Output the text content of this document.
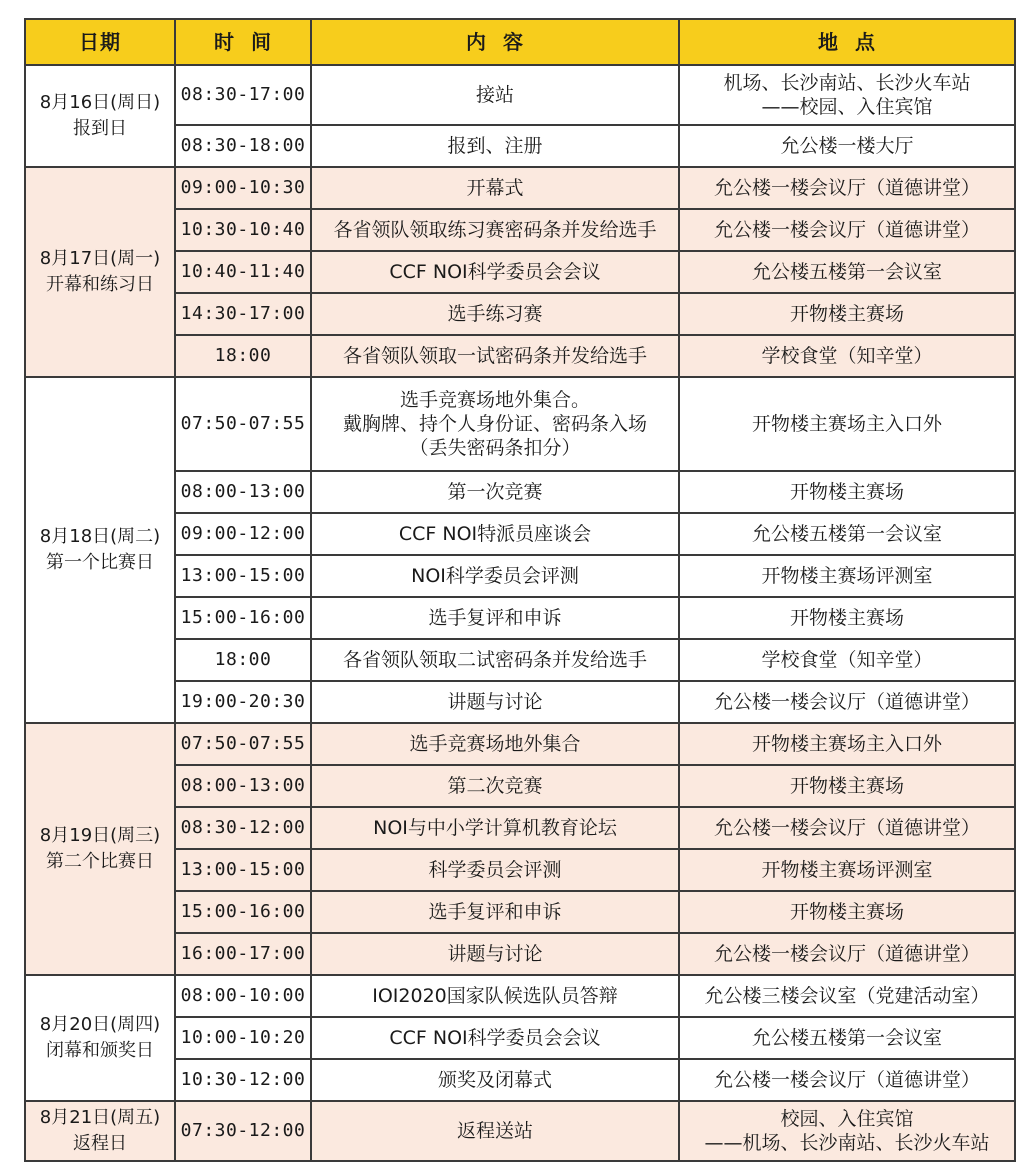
日期	时  间	内  容	地  点

8月16日(周日)
报到日	08:30-17:00	接站	机场、长沙南站、长沙火车站
——校园、入住宾馆

	08:30-18:00	报到、注册	允公楼一楼大厅

8月17日(周一)
开幕和练习日	09:00-10:30	开幕式	允公楼一楼会议厅（道德讲堂）
	10:30-10:40	各省领队领取练习赛密码条并发给选手	允公楼一楼会议厅（道德讲堂）
	10:40-11:40	CCF NOI科学委员会会议	允公楼五楼第一会议室
	14:30-17:00	选手练习赛	开物楼主赛场
	18:00	各省领队领取一试密码条并发给选手	学校食堂（知辛堂）

8月18日(周二)
第一个比赛日	07:50-07:55	选手竞赛场地外集合。
戴胸牌、持个人身份证、密码条入场
（丢失密码条扣分）	开物楼主赛场主入口外
	08:00-13:00	第一次竞赛	开物楼主赛场
	09:00-12:00	CCF NOI特派员座谈会	允公楼五楼第一会议室
	13:00-15:00	NOI科学委员会评测	开物楼主赛场评测室
	15:00-16:00	选手复评和申诉	开物楼主赛场
	18:00	各省领队领取二试密码条并发给选手	学校食堂（知辛堂）
	19:00-20:30	讲题与讨论	允公楼一楼会议厅（道德讲堂）

8月19日(周三)
第二个比赛日	07:50-07:55	选手竞赛场地外集合	开物楼主赛场主入口外
	08:00-13:00	第二次竞赛	开物楼主赛场
	08:30-12:00	NOI与中小学计算机教育论坛	允公楼一楼会议厅（道德讲堂）
	13:00-15:00	科学委员会评测	开物楼主赛场评测室
	15:00-16:00	选手复评和申诉	开物楼主赛场
	16:00-17:00	讲题与讨论	允公楼一楼会议厅（道德讲堂）

8月20日(周四)
闭幕和颁奖日	08:00-10:00	IOI2020国家队候选队员答辩	允公楼三楼会议室（党建活动室）
	10:00-10:20	CCF NOI科学委员会会议	允公楼五楼第一会议室
	10:30-12:00	颁奖及闭幕式	允公楼一楼会议厅（道德讲堂）

8月21日(周五)
返程日	07:30-12:00	返程送站	校园、入住宾馆
——机场、长沙南站、长沙火车站
